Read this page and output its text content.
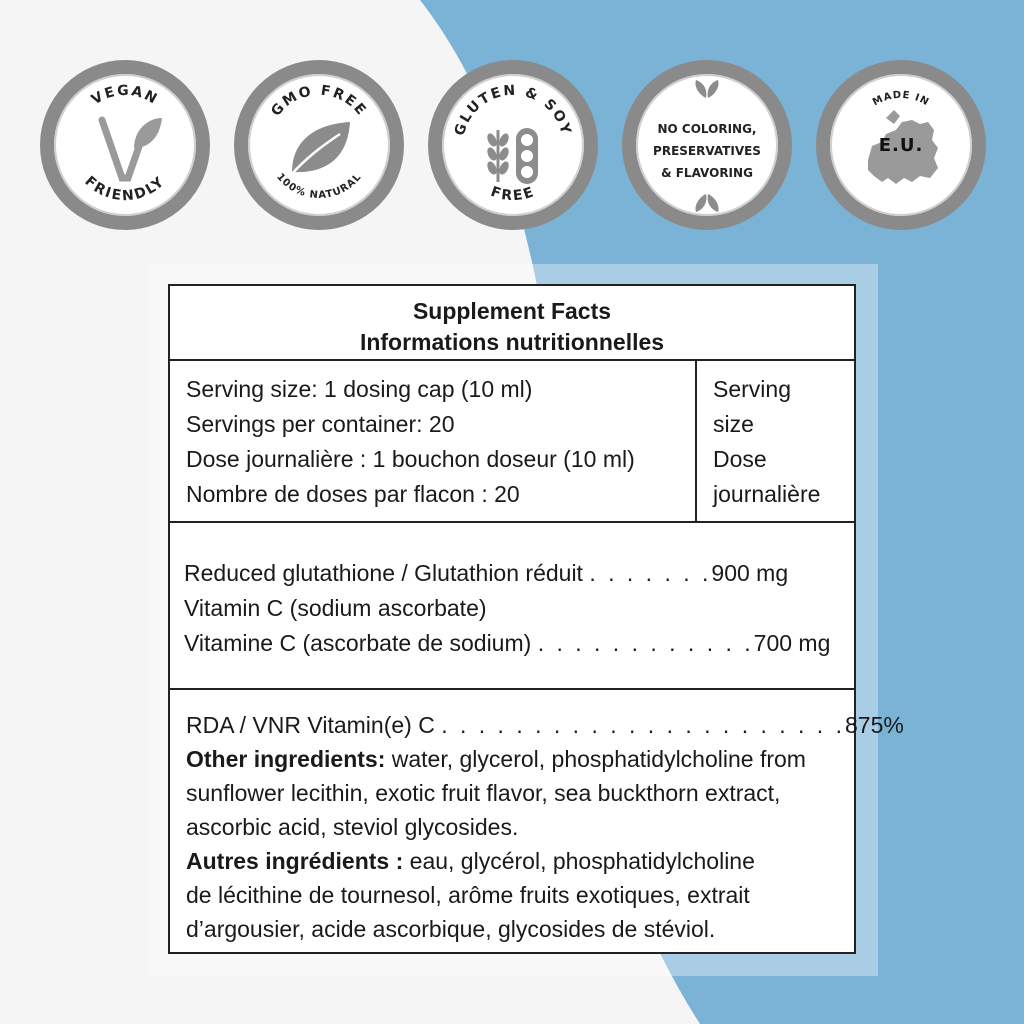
VEGAN
FRIENDLY
GMO FREE
100% NATURAL
GLUTEN & SOY
FREE
NO COLORING,
PRESERVATIVES
& FLAVORING
MADE IN
E.U.
Supplement Facts
Informations nutritionnelles
Serving size: 1 dosing cap (10 ml)
Servings per container: 20
Dose journalière : 1 bouchon doseur (10 ml)
Nombre de doses par flacon : 20
Serving
size
Dose
journalière
Reduced glutathione / Glutathion réduit . . . . . . .900 mg
Vitamin C (sodium ascorbate)
Vitamine C (ascorbate de sodium) . . . . . . . . . . . .700 mg
RDA / VNR Vitamin(e) C . . . . . . . . . . . . . . . . . . . . . .875%

Other ingredients: water, glycerol, phosphatidylcholine from sunflower lecithin, exotic fruit flavor, sea buckthorn extract, ascorbic acid, steviol glycosides.

Autres ingrédients : eau, glycérol, phosphatidylcholine
de lécithine de tournesol, arôme fruits exotiques, extrait
d’argousier, acide ascorbique, glycosides de stéviol.
